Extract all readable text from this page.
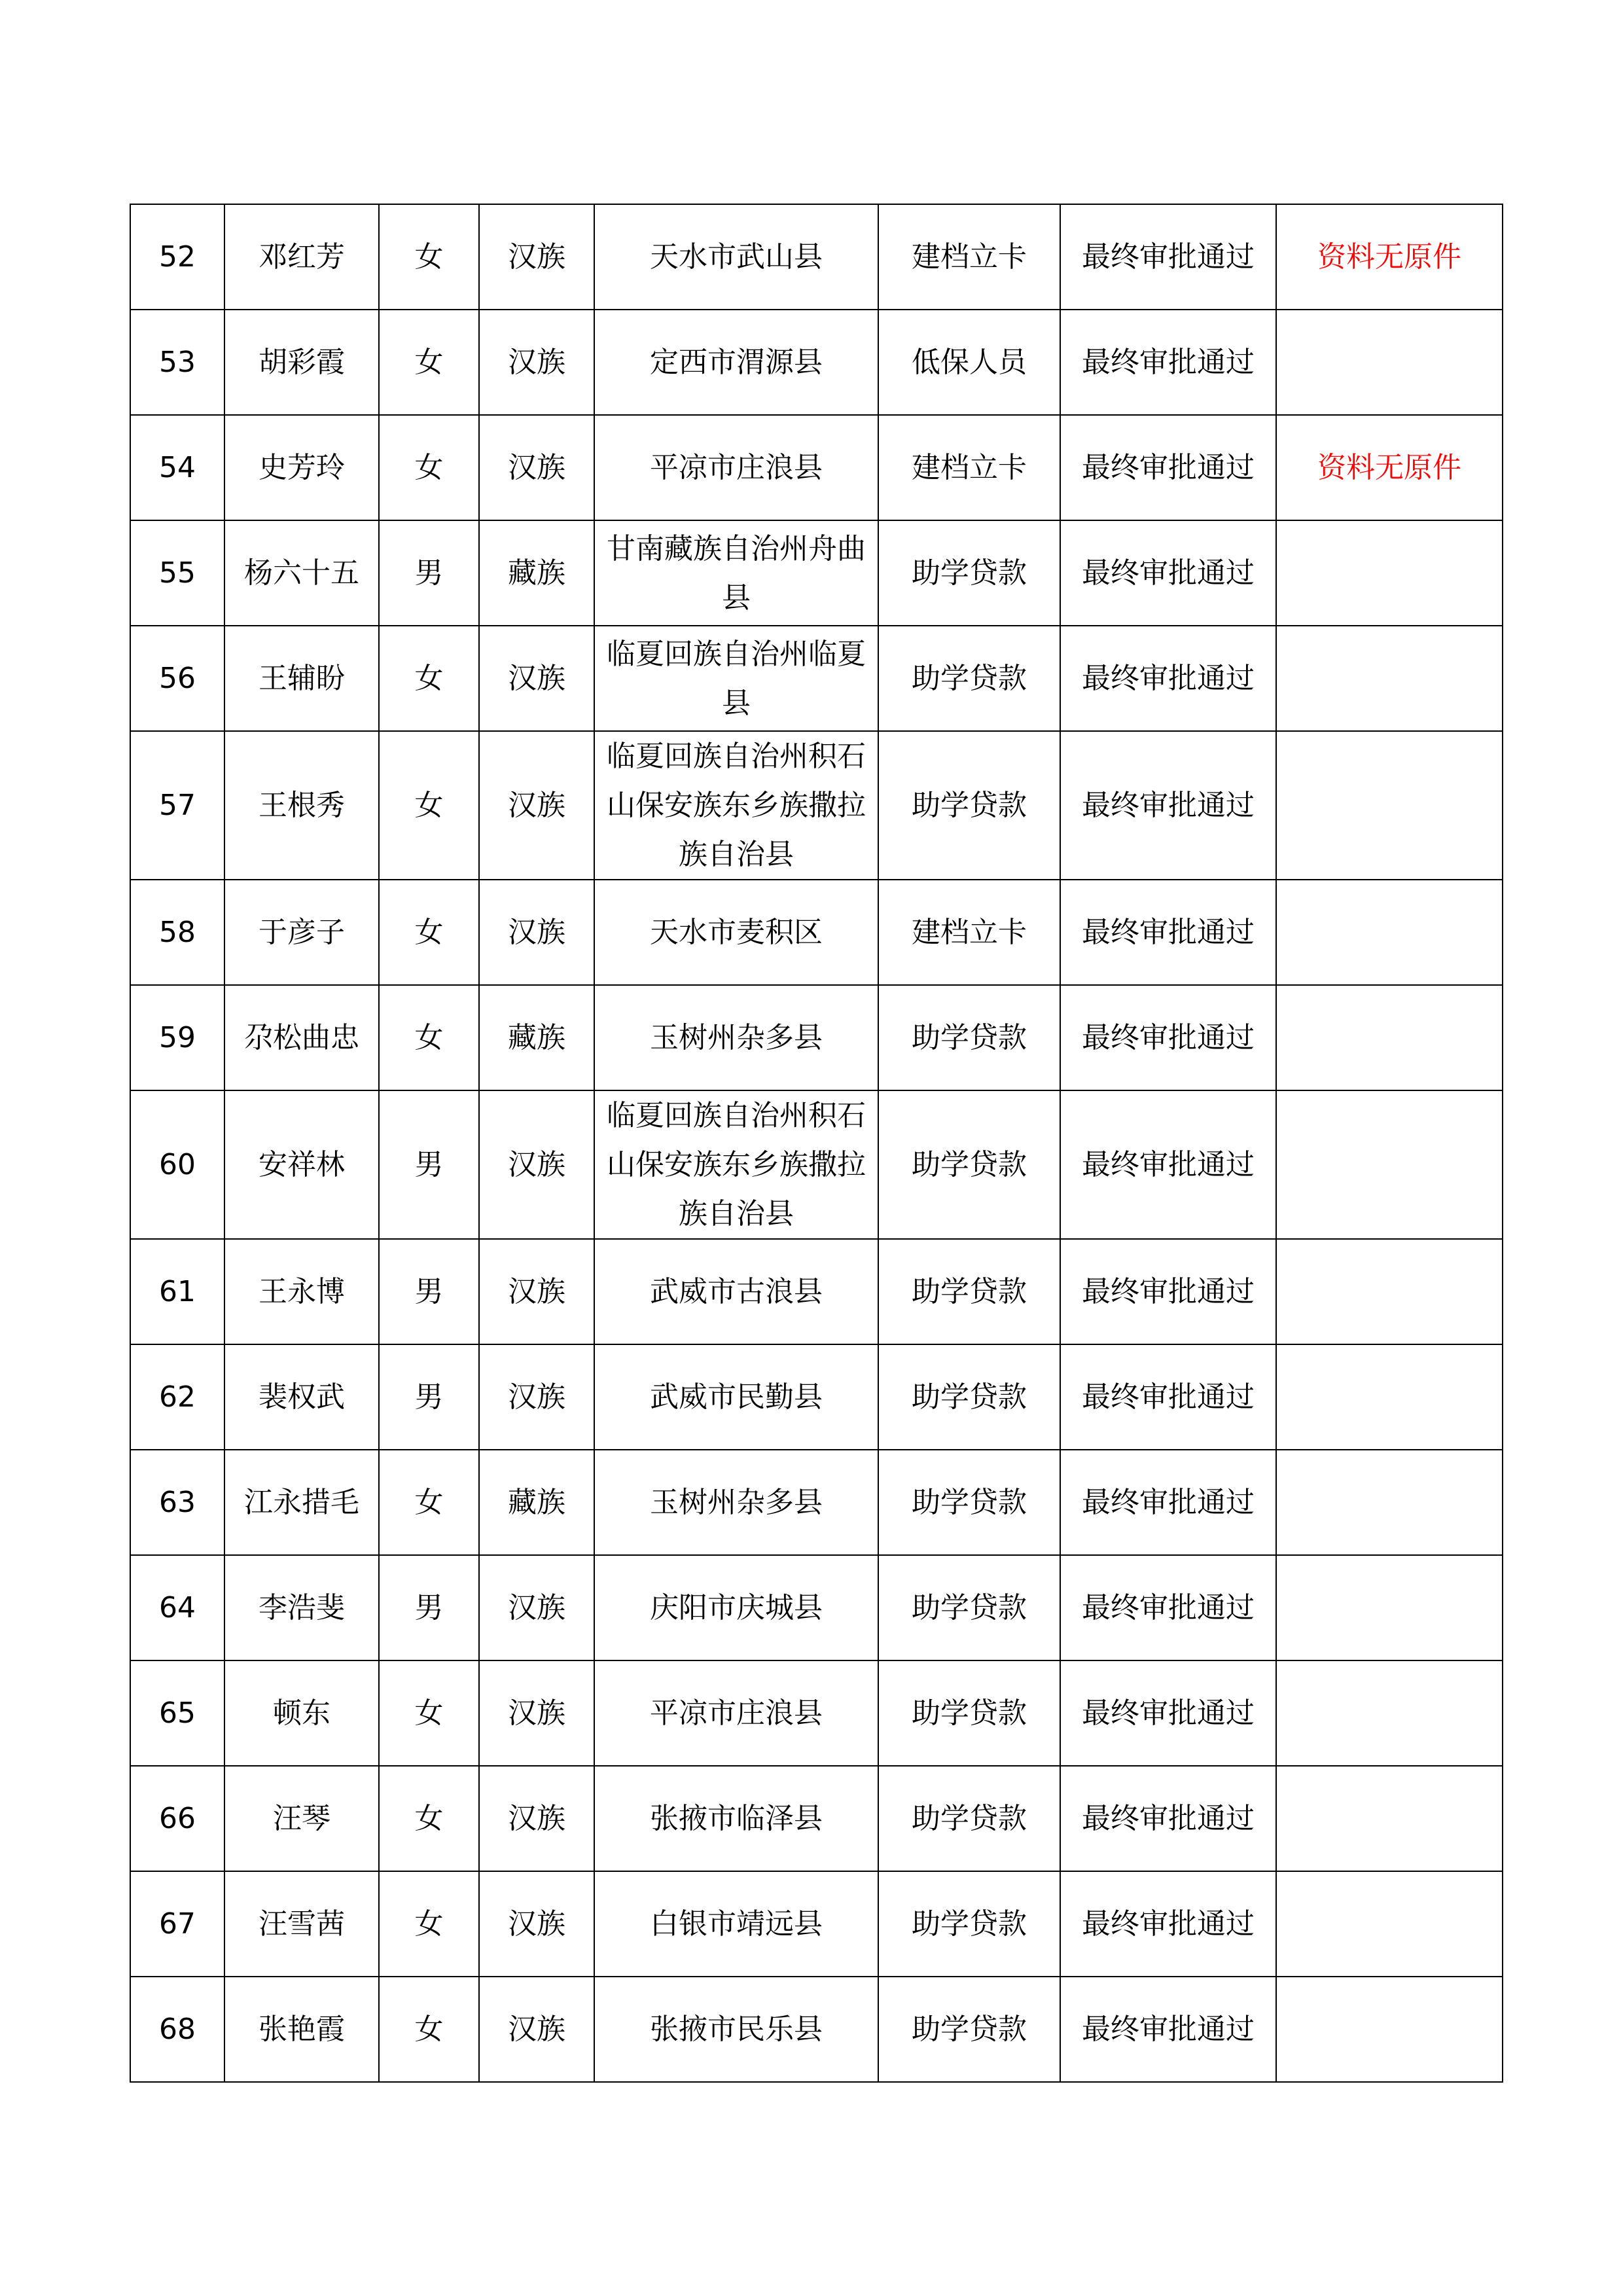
52	邓红芳	女	汉族	天水市武山县	建档立卡	最终审批通过	资料无原件
53	胡彩霞	女	汉族	定西市渭源县	低保人员	最终审批通过	
54	史芳玲	女	汉族	平凉市庄浪县	建档立卡	最终审批通过	资料无原件
55	杨六十五	男	藏族	甘南藏族自治州舟曲县	助学贷款	最终审批通过	
56	王辅盼	女	汉族	临夏回族自治州临夏县	助学贷款	最终审批通过	
57	王根秀	女	汉族	临夏回族自治州积石山保安族东乡族撒拉族自治县	助学贷款	最终审批通过	
58	于彦子	女	汉族	天水市麦积区	建档立卡	最终审批通过	
59	尕松曲忠	女	藏族	玉树州杂多县	助学贷款	最终审批通过	
60	安祥林	男	汉族	临夏回族自治州积石山保安族东乡族撒拉族自治县	助学贷款	最终审批通过	
61	王永博	男	汉族	武威市古浪县	助学贷款	最终审批通过	
62	裴权武	男	汉族	武威市民勤县	助学贷款	最终审批通过	
63	江永措毛	女	藏族	玉树州杂多县	助学贷款	最终审批通过	
64	李浩斐	男	汉族	庆阳市庆城县	助学贷款	最终审批通过	
65	顿东	女	汉族	平凉市庄浪县	助学贷款	最终审批通过	
66	汪琴	女	汉族	张掖市临泽县	助学贷款	最终审批通过	
67	汪雪茜	女	汉族	白银市靖远县	助学贷款	最终审批通过	
68	张艳霞	女	汉族	张掖市民乐县	助学贷款	最终审批通过	
